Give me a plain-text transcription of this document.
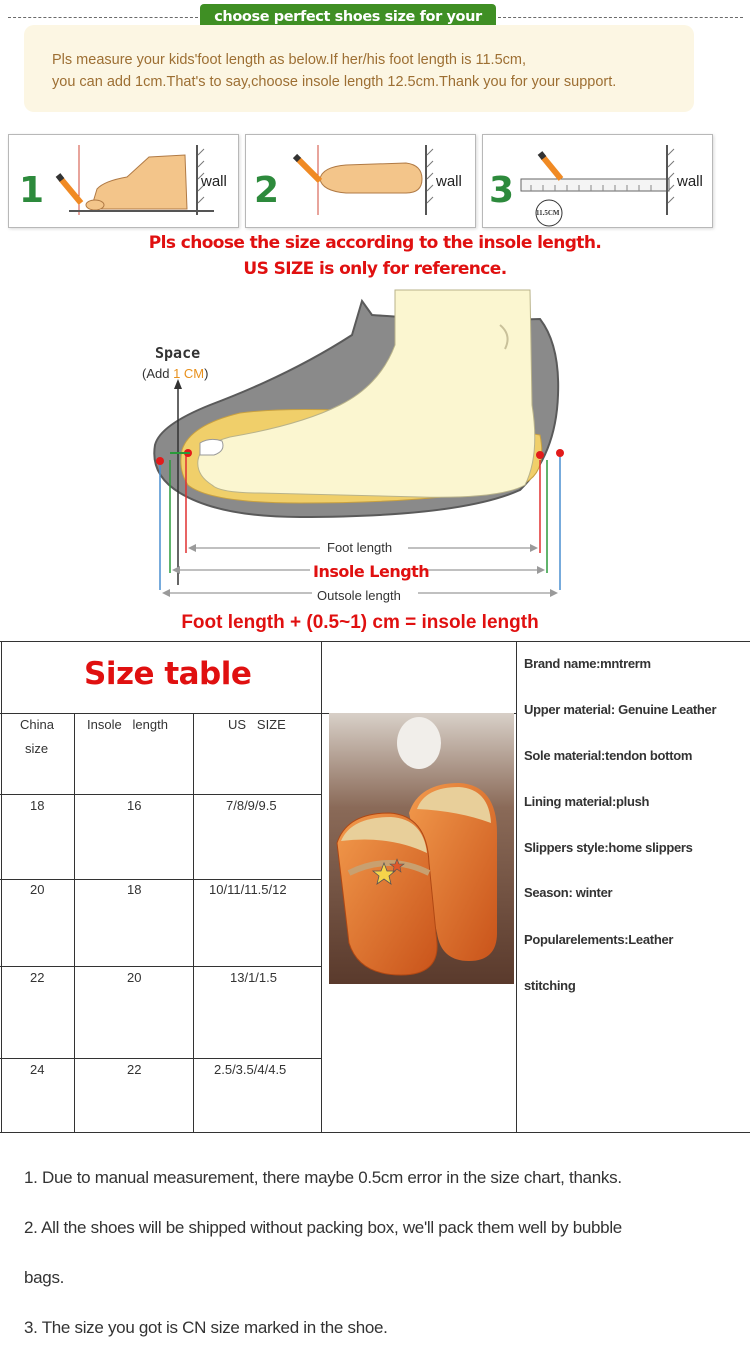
choose perfect shoes size for your

Pls measure your kids'foot length as below.If her/his foot length is 11.5cm,

you can add 1cm.That's to say,choose insole length 12.5cm.Thank you for your support.

1	wall 2	wall 3	wall
11.5CM
Pls choose the size according to the insole length.
US SIZE is only for reference.
Space
(Add 1 CM)
Foot length
Insole Length
Outsole length
Foot length + (0.5~1) cm = insole length
Size table
China
size
Insole   length	US   SIZE
18	16	7/8/9/9.5
20	18	10/11/11.5/12
22	20	13/1/1.5
24	22	2.5/3.5/4/4.5
Brand name:mntrerm
Upper material: Genuine Leather
Sole material:tendon bottom
Lining material:plush
Slippers style:home slippers
Season: winter
Popularelements:Leather
stitching
1. Due to manual measurement, there maybe 0.5cm error in the size chart, thanks.
2. All the shoes will be shipped without packing box, we'll pack them well by bubble
bags.
3. The size you got is CN size marked in the shoe.
